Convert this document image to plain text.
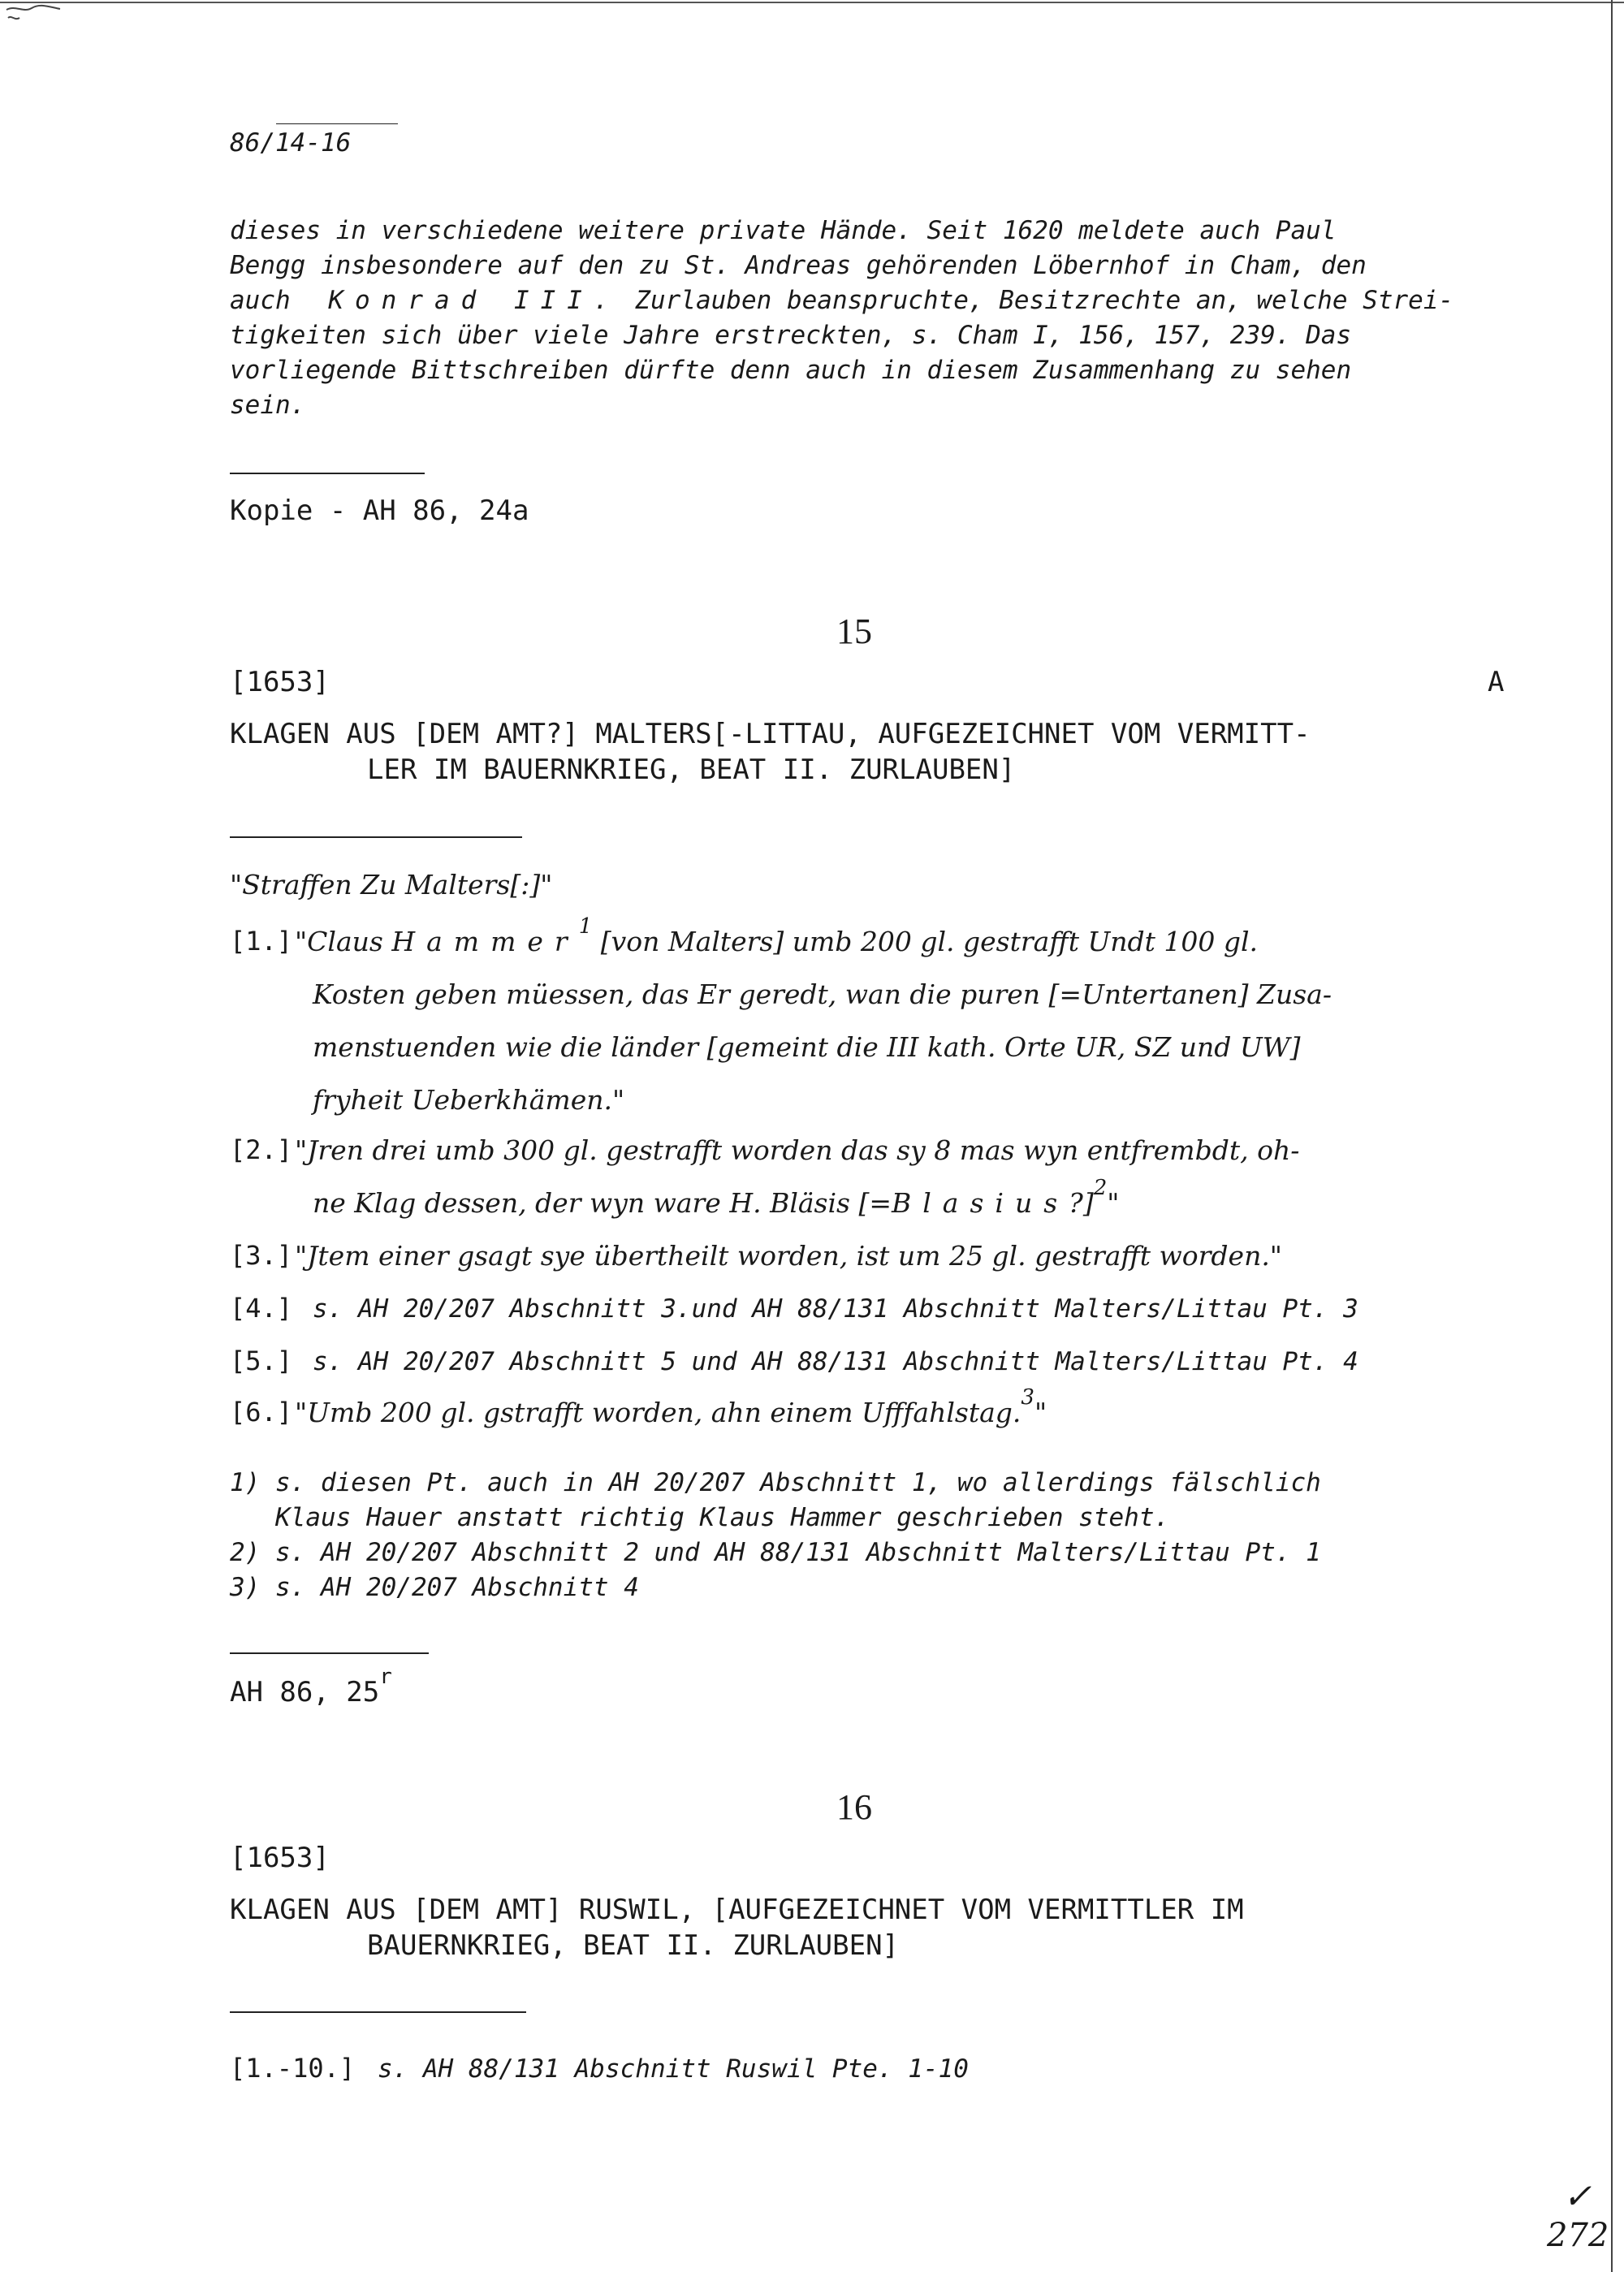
86/14-16
dieses in verschiedene weitere private Hände. Seit 1620 meldete auch Paul
Bengg insbesondere auf den zu St. Andreas gehörenden Löbernhof in Cham, den
auch Konrad III. Zurlauben beanspruchte, Besitzrechte an, welche Strei-
tigkeiten sich über viele Jahre erstreckten, s. Cham I, 156, 157, 239. Das
vorliegende Bittschreiben dürfte denn auch in diesem Zusammenhang zu sehen
sein.
Kopie - AH 86, 24a
15
[1653]	A
KLAGEN AUS [DEM AMT?] MALTERS[-LITTAU, AUFGEZEICHNET VOM VERMITT-
LER IM BAUERNKRIEG, BEAT II. ZURLAUBEN]
"Straffen Zu Malters[:]"
[1.] "Claus Hammer$^1$ [von Malters] umb 200 gl. gestrafft Undt 100 gl.
Kosten geben müessen, das Er geredt, wan die puren [=Untertanen] Zusa-
menstuenden wie die länder [gemeint die III kath. Orte UR, SZ und UW]
fryheit Ueberkhämen."
[2.] "Jren drei umb 300 gl. gestrafft worden das sy 8 mas wyn entfrembdt, oh-
ne Klag dessen, der wyn ware H. Bläsis [=Blasius?]$^2$"
[3.] "Jtem einer gsagt sye übertheilt worden, ist um 25 gl. gestrafft worden."
[4.] s. AH 20/207 Abschnitt 3.und AH 88/131 Abschnitt Malters/Littau Pt. 3
[5.] s. AH 20/207 Abschnitt 5 und AH 88/131 Abschnitt Malters/Littau Pt. 4
[6.] "Umb 200 gl. gstrafft worden, ahn einem Ufffahlstag.$^3$"
1) s. diesen Pt. auch in AH 20/207 Abschnitt 1, wo allerdings fälschlich
Klaus Hauer anstatt richtig Klaus Hammer geschrieben steht.
2) s. AH 20/207 Abschnitt 2 und AH 88/131 Abschnitt Malters/Littau Pt. 1
3) s. AH 20/207 Abschnitt 4
AH 86, 25$^r$
16
[1653]
KLAGEN AUS [DEM AMT] RUSWIL, [AUFGEZEICHNET VOM VERMITTLER IM
BAUERNKRIEG, BEAT II. ZURLAUBEN]
[1.-10.] s. AH 88/131 Abschnitt Ruswil Pte. 1-10
✓
272
